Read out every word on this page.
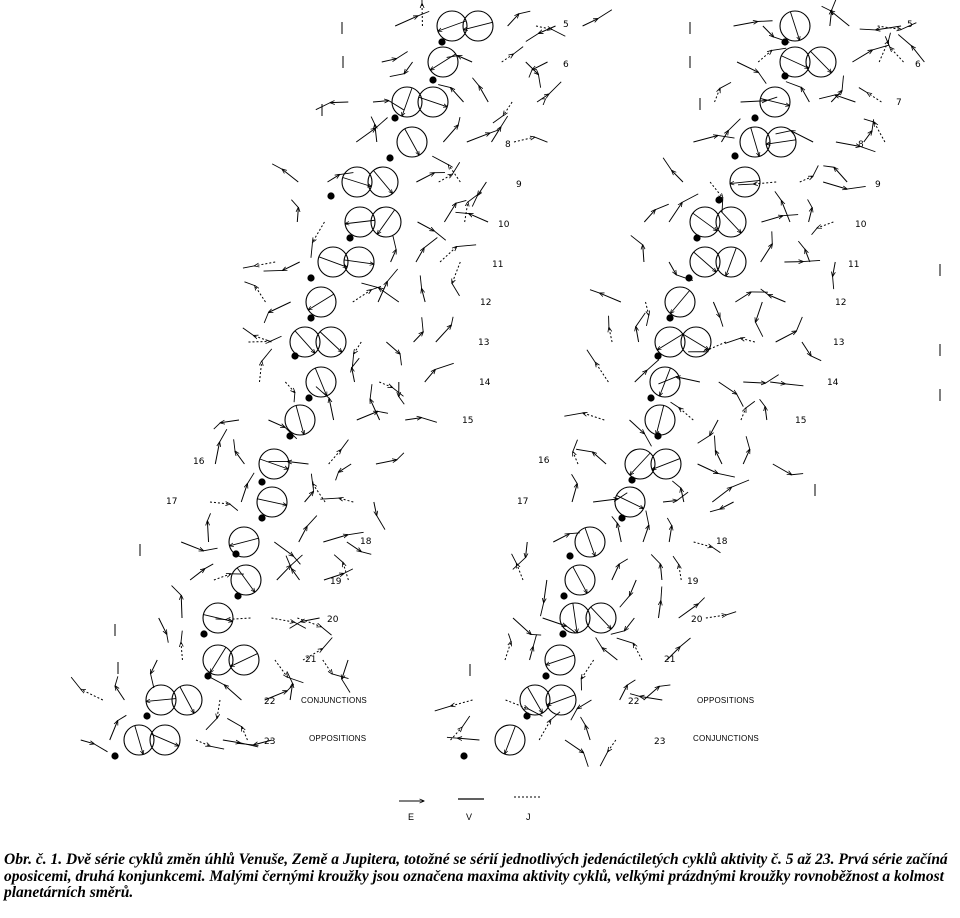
5
6
7
8
9
10
11
12
13
14
15
16
17
18
19
20
21
22
23
5
6
7
8
9
10
11
12
13
14
15
16
17
18
19
20
21
22
23
CONJUNCTIONS
OPPOSITIONS
OPPOSITIONS
CONJUNCTIONS
E	V	J

Obr. č. 1. Dvě série cyklů změn úhlů Venuše, Země a Jupitera, totožné se sérií jednotlivých jedenáctiletých cyklů aktivity č. 5 až 23. Prvá série začíná oposicemi, druhá konjunkcemi. Malými černými kroužky jsou označena maxima aktivity cyklů, velkými prázdnými kroužky rovnoběžnost a kolmost planetárních směrů.
